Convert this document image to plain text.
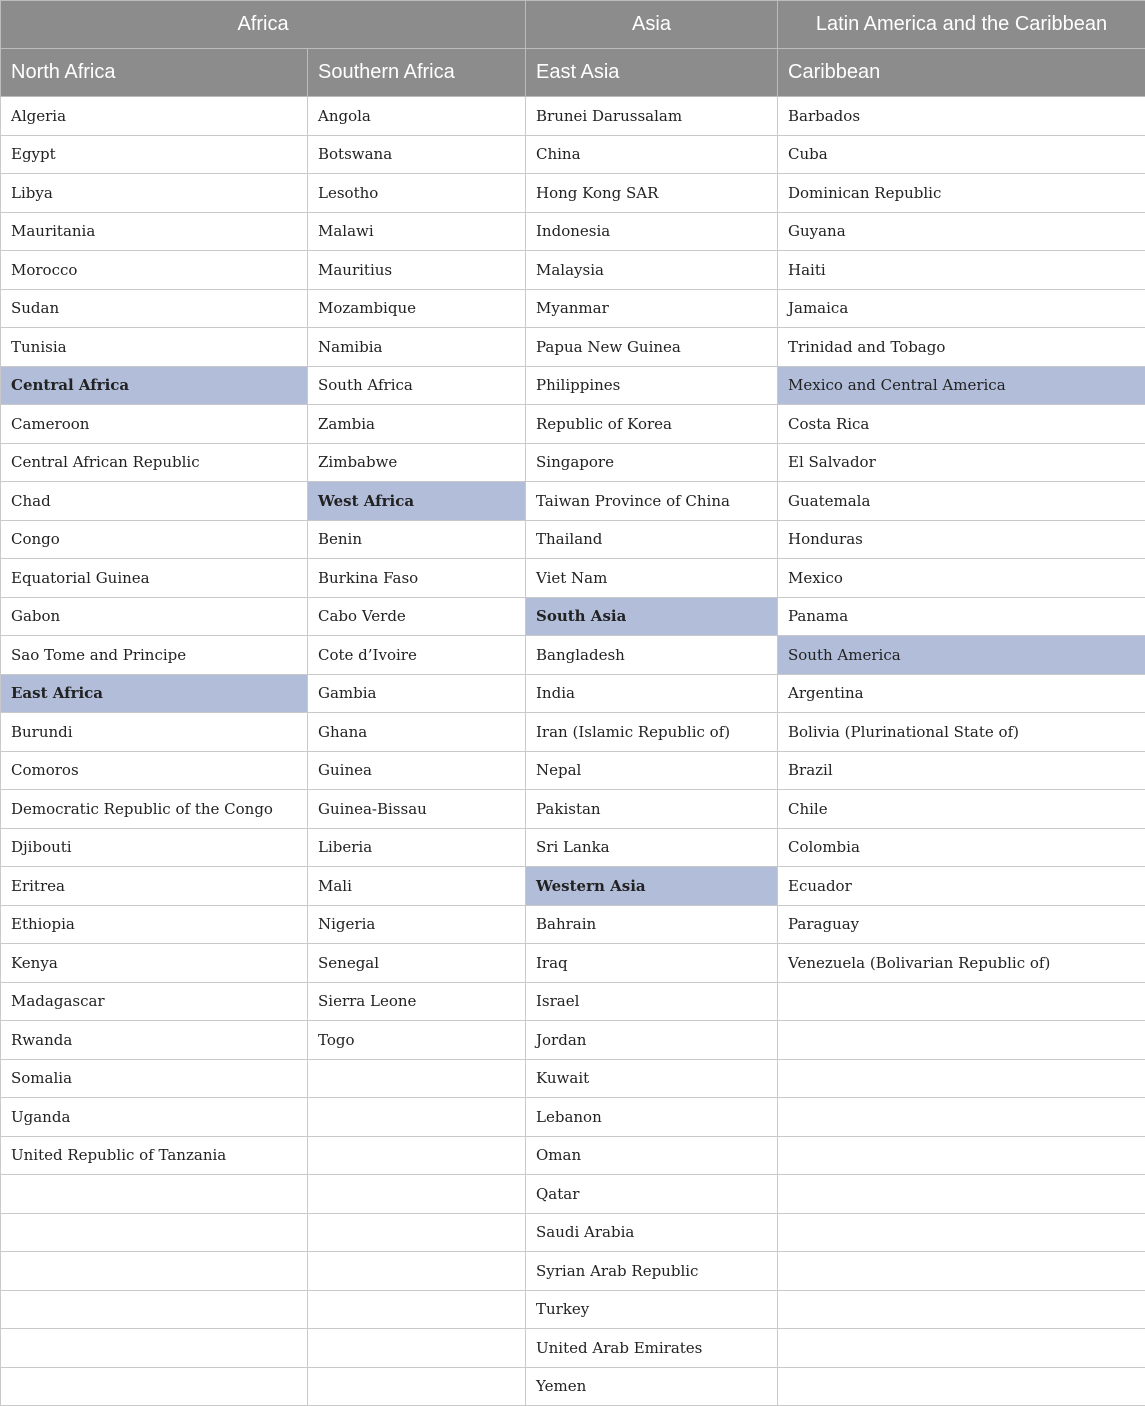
Africa		Asia	Latin America and the Caribbean
North Africa	Southern Africa	East Asia	Caribbean
Algeria	Angola	Brunei Darussalam	Barbados
Egypt	Botswana	China	Cuba
Libya	Lesotho	Hong Kong SAR	Dominican Republic
Mauritania	Malawi	Indonesia	Guyana
Morocco	Mauritius	Malaysia	Haiti
Sudan	Mozambique	Myanmar	Jamaica
Tunisia	Namibia	Papua New Guinea	Trinidad and Tobago
Central Africa	South Africa	Philippines	Mexico and Central America
Cameroon	Zambia	Republic of Korea	Costa Rica
Central African Republic	Zimbabwe	Singapore	El Salvador
Chad	West Africa	Taiwan Province of China	Guatemala
Congo	Benin	Thailand	Honduras
Equatorial Guinea	Burkina Faso	Viet Nam	Mexico
Gabon	Cabo Verde	South Asia	Panama
Sao Tome and Principe	Cote d’Ivoire	Bangladesh	South America
East Africa	Gambia	India	Argentina
Burundi	Ghana	Iran (Islamic Republic of)	Bolivia (Plurinational State of)
Comoros	Guinea	Nepal	Brazil
Democratic Republic of the Congo	Guinea-Bissau	Pakistan	Chile
Djibouti	Liberia	Sri Lanka	Colombia
Eritrea	Mali	Western Asia	Ecuador
Ethiopia	Nigeria	Bahrain	Paraguay
Kenya	Senegal	Iraq	Venezuela (Bolivarian Republic of)
Madagascar	Sierra Leone	Israel	
Rwanda	Togo	Jordan	
Somalia		Kuwait	
Uganda		Lebanon	
United Republic of Tanzania		Oman	
		Qatar	
		Saudi Arabia	
		Syrian Arab Republic	
		Turkey	
		United Arab Emirates	
		Yemen	
